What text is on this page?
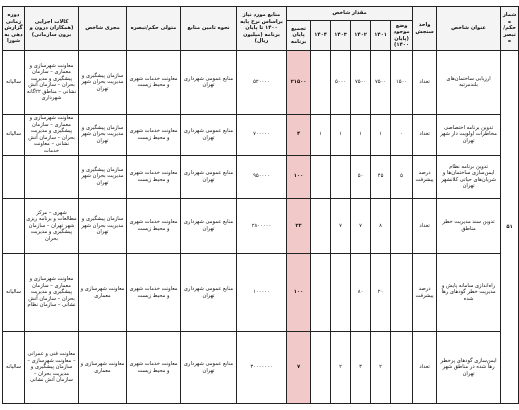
شماره حکم/تبصره	عنوان شاخص	واحد سنجش	مقدار شاخص						منابع مورد نیاز براساس نرخ پایه ۱۴۰۰ تا پایان برنامه (میلیون ریال)	نحوه تامین منابع	متولی حکم/تبصره	مجری شاخص	کالات اجرایی (همکاران درون و برون سازمانی)	دوره زمانی گزارش‌دهی به شورا
			وضع موجود (پایان ۱۴۰۰)	۱۴۰۱	۱۴۰۲	۱۴۰۳	۱۴۰۴	تجمیع پایان برنامه						
۵۱	ارزیابی ساختمان‌های بلندمرتبه	تعداد	۱۵۰۰	۷۵۰۰	۷۵۰۰	۵۰۰۰		۲۱۵۰۰	۵۲۰۰۰۰	منابع عمومی شهرداری تهران	معاونت خدمات شهری و محیط زیست	سازمان پیشگیری و مدیریت بحران شهر تهران	معاونت شهرسازی و معماری – سازمان پیشگیری و مدیریت بحران – سازمان آتش نشانی – مناطق ۲۲گانه شهرداری	سالیانه
	تدوین برنامه اختصاصی مخاطرات اولویت دار شهر تهران	تعداد	۰	۱	۱	۱	۱	۴	۷۰۰۰۰۰	منابع عمومی شهرداری تهران	معاونت خدمات شهری و محیط زیست	سازمان پیشگیری و مدیریت بحران شهر تهران	معاونت شهرسازی و معماری – سازمان پیشگیری و مدیریت بحران – سازمان آتش نشانی – معاونت خدمات	سالیانه
	تدوین برنامه نظام ایمن‌سازی ساختمان‌ها و شریان‌های حیاتی کلانشهر تهران	درصد پیشرفت	۵	۴۵	۵۰			۱۰۰	۹۵۰۰۰۰	منابع عمومی شهرداری تهران	معاونت خدمات شهری و محیط زیست	سازمان پیشگیری و مدیریت بحران شهر تهران		
	تدوین سند مدیریت خطر مناطق	تعداد		۸	۷	۷		۲۲	۲۸۰۰۰۰۰	منابع عمومی شهرداری تهران	معاونت خدمات شهری و محیط زیست	سازمان پیشگیری و مدیریت بحران شهر تهران	شهری – مرکز مطالعات و برنامه ریزی شهر تهران – سازمان پیشگیری و مدیریت بحران	
	راه‌اندازی سامانه پایش و مدیریت خطر گودهای رها شده	درصد پیشرفت		۲۰	۸۰			۱۰۰	۱۰۰۰۰۰	منابع عمومی شهرداری تهران	معاونت خدمات شهری و محیط زیست	معاونت شهرسازی و معماری	معاونت شهرسازی و معماری – سازمان پیشگیری و مدیریت بحران – سازمان آتش نشانی – سازمان نظام	سالیانه
	ایمن‌سازی گودهای پرخطر رها شده در مناطق شهر تهران	تعداد		۲	۳	۲		۷	۳۰۰۰۰۰۰۰	منابع عمومی شهرداری تهران	معاونت خدمات شهری و محیط زیست	معاونت شهرسازی و معماری	معاونت فنی و عمرانی – معاونت شهرسازی – سازمان پیشگیری و مدیریت بحران – سازمان آتش نشانی	سالیانه
